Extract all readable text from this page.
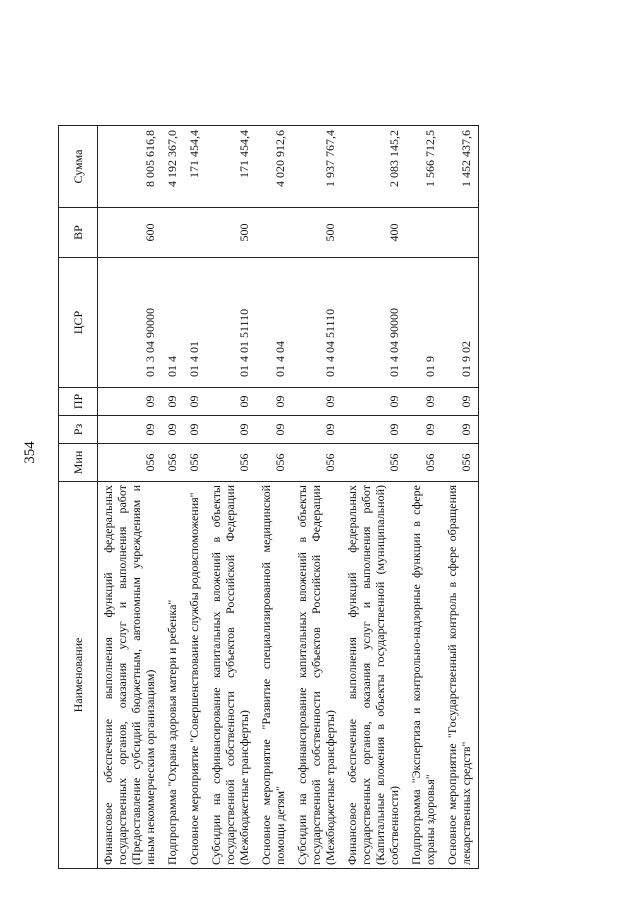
354
Наименование	Мин	Рз	ПР	ЦСР	ВР	Сумма
Финансовое обеспечение выполнения функций федеральных государственных органов, оказания услуг и выполнения работ (Предоставление субсидий бюджетным, автономным учреждениям и иным некоммерческим организациям)	056	09	09	01 3 04 90000	600	8 005 616,8
Подпрограмма "Охрана здоровья матери и ребенка"	056	09	09	01 4		4 192 367,0
Основное мероприятие "Совершенствование службы родовспоможения"	056	09	09	01 4 01		171 454,4
Субсидии на софинансирование капитальных вложений в объекты государственной собственности субъектов Российской Федерации (Межбюджетные трансферты)	056	09	09	01 4 01 51110	500	171 454,4
Основное мероприятие "Развитие специализированной медицинской помощи детям"	056	09	09	01 4 04		4 020 912,6
Субсидии на софинансирование капитальных вложений в объекты государственной собственности субъектов Российской Федерации (Межбюджетные трансферты)	056	09	09	01 4 04 51110	500	1 937 767,4
Финансовое обеспечение выполнения функций федеральных государственных органов, оказания услуг и выполнения работ (Капитальные вложения в объекты государственной (муниципальной) собственности)	056	09	09	01 4 04 90000	400	2 083 145,2
Подпрограмма "Экспертиза и контрольно-надзорные функции в сфере охраны здоровья"	056	09	09	01 9		1 566 712,5
Основное мероприятие "Государственный контроль в сфере обращения лекарственных средств"	056	09	09	01 9 02		1 452 437,6
